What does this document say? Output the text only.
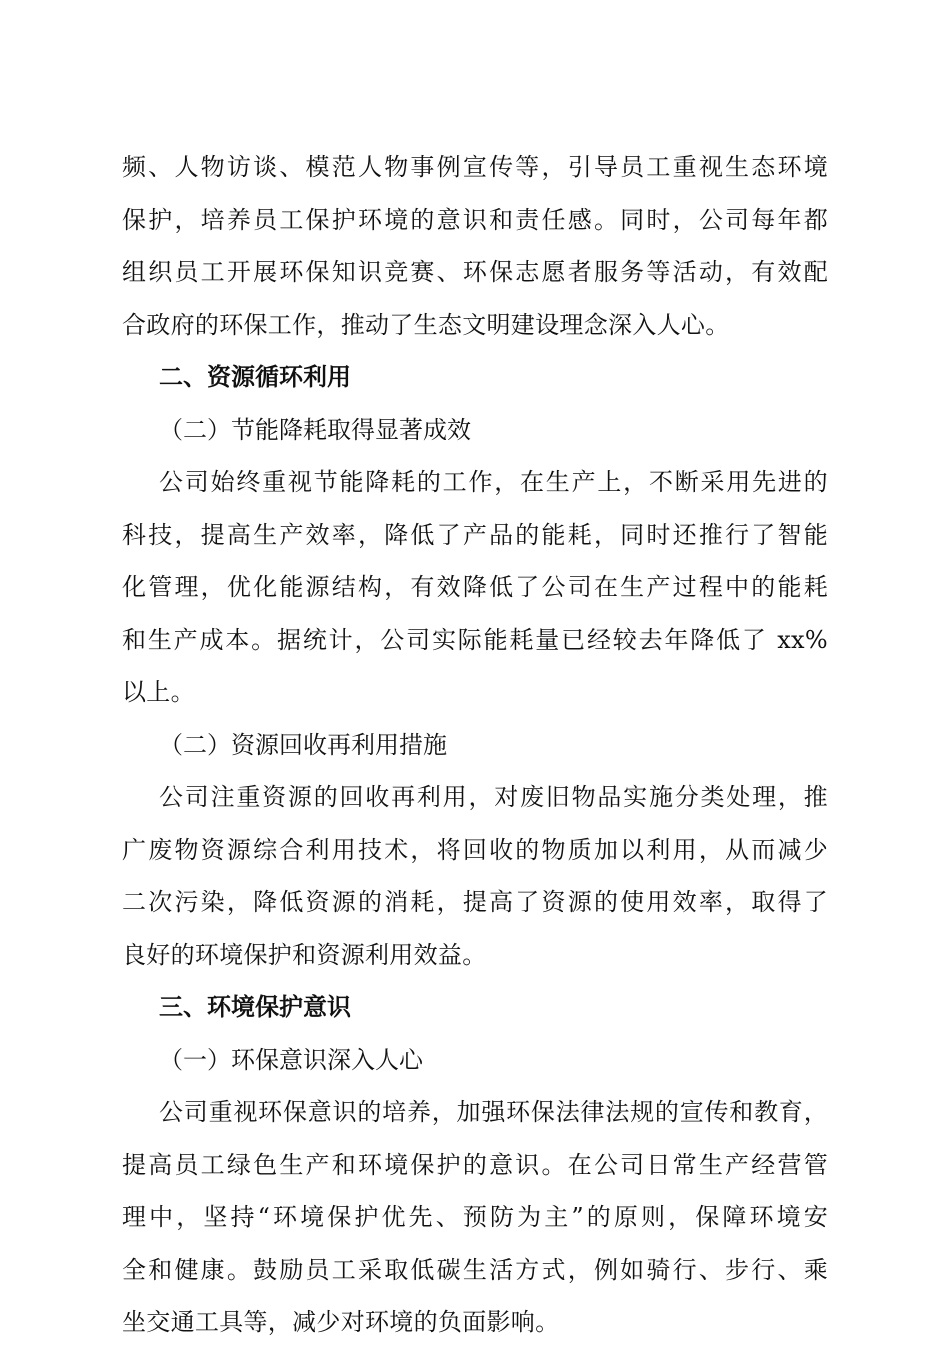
频、人物访谈、模范人物事例宣传等，引导员工重视生态环境
保护，培养员工保护环境的意识和责任感。同时，公司每年都
组织员工开展环保知识竞赛、环保志愿者服务等活动，有效配
合政府的环保工作，推动了生态文明建设理念深入人心。
二、资源循环利用
（二）节能降耗取得显著成效
公司始终重视节能降耗的工作，在生产上，不断采用先进的
科技，提高生产效率，降低了产品的能耗，同时还推行了智能
化管理，优化能源结构，有效降低了公司在生产过程中的能耗
和生产成本。据统计，公司实际能耗量已经较去年降低了 xx%
以上。
（二）资源回收再利用措施
公司注重资源的回收再利用，对废旧物品实施分类处理，推
广废物资源综合利用技术，将回收的物质加以利用，从而减少
二次污染，降低资源的消耗，提高了资源的使用效率，取得了
良好的环境保护和资源利用效益。
三、环境保护意识
（一）环保意识深入人心
公司重视环保意识的培养，加强环保法律法规的宣传和教育，
提高员工绿色生产和环境保护的意识。在公司日常生产经营管
理中，坚持“环境保护优先、预防为主”的原则，保障环境安
全和健康。鼓励员工采取低碳生活方式，例如骑行、步行、乘
坐交通工具等，减少对环境的负面影响。
